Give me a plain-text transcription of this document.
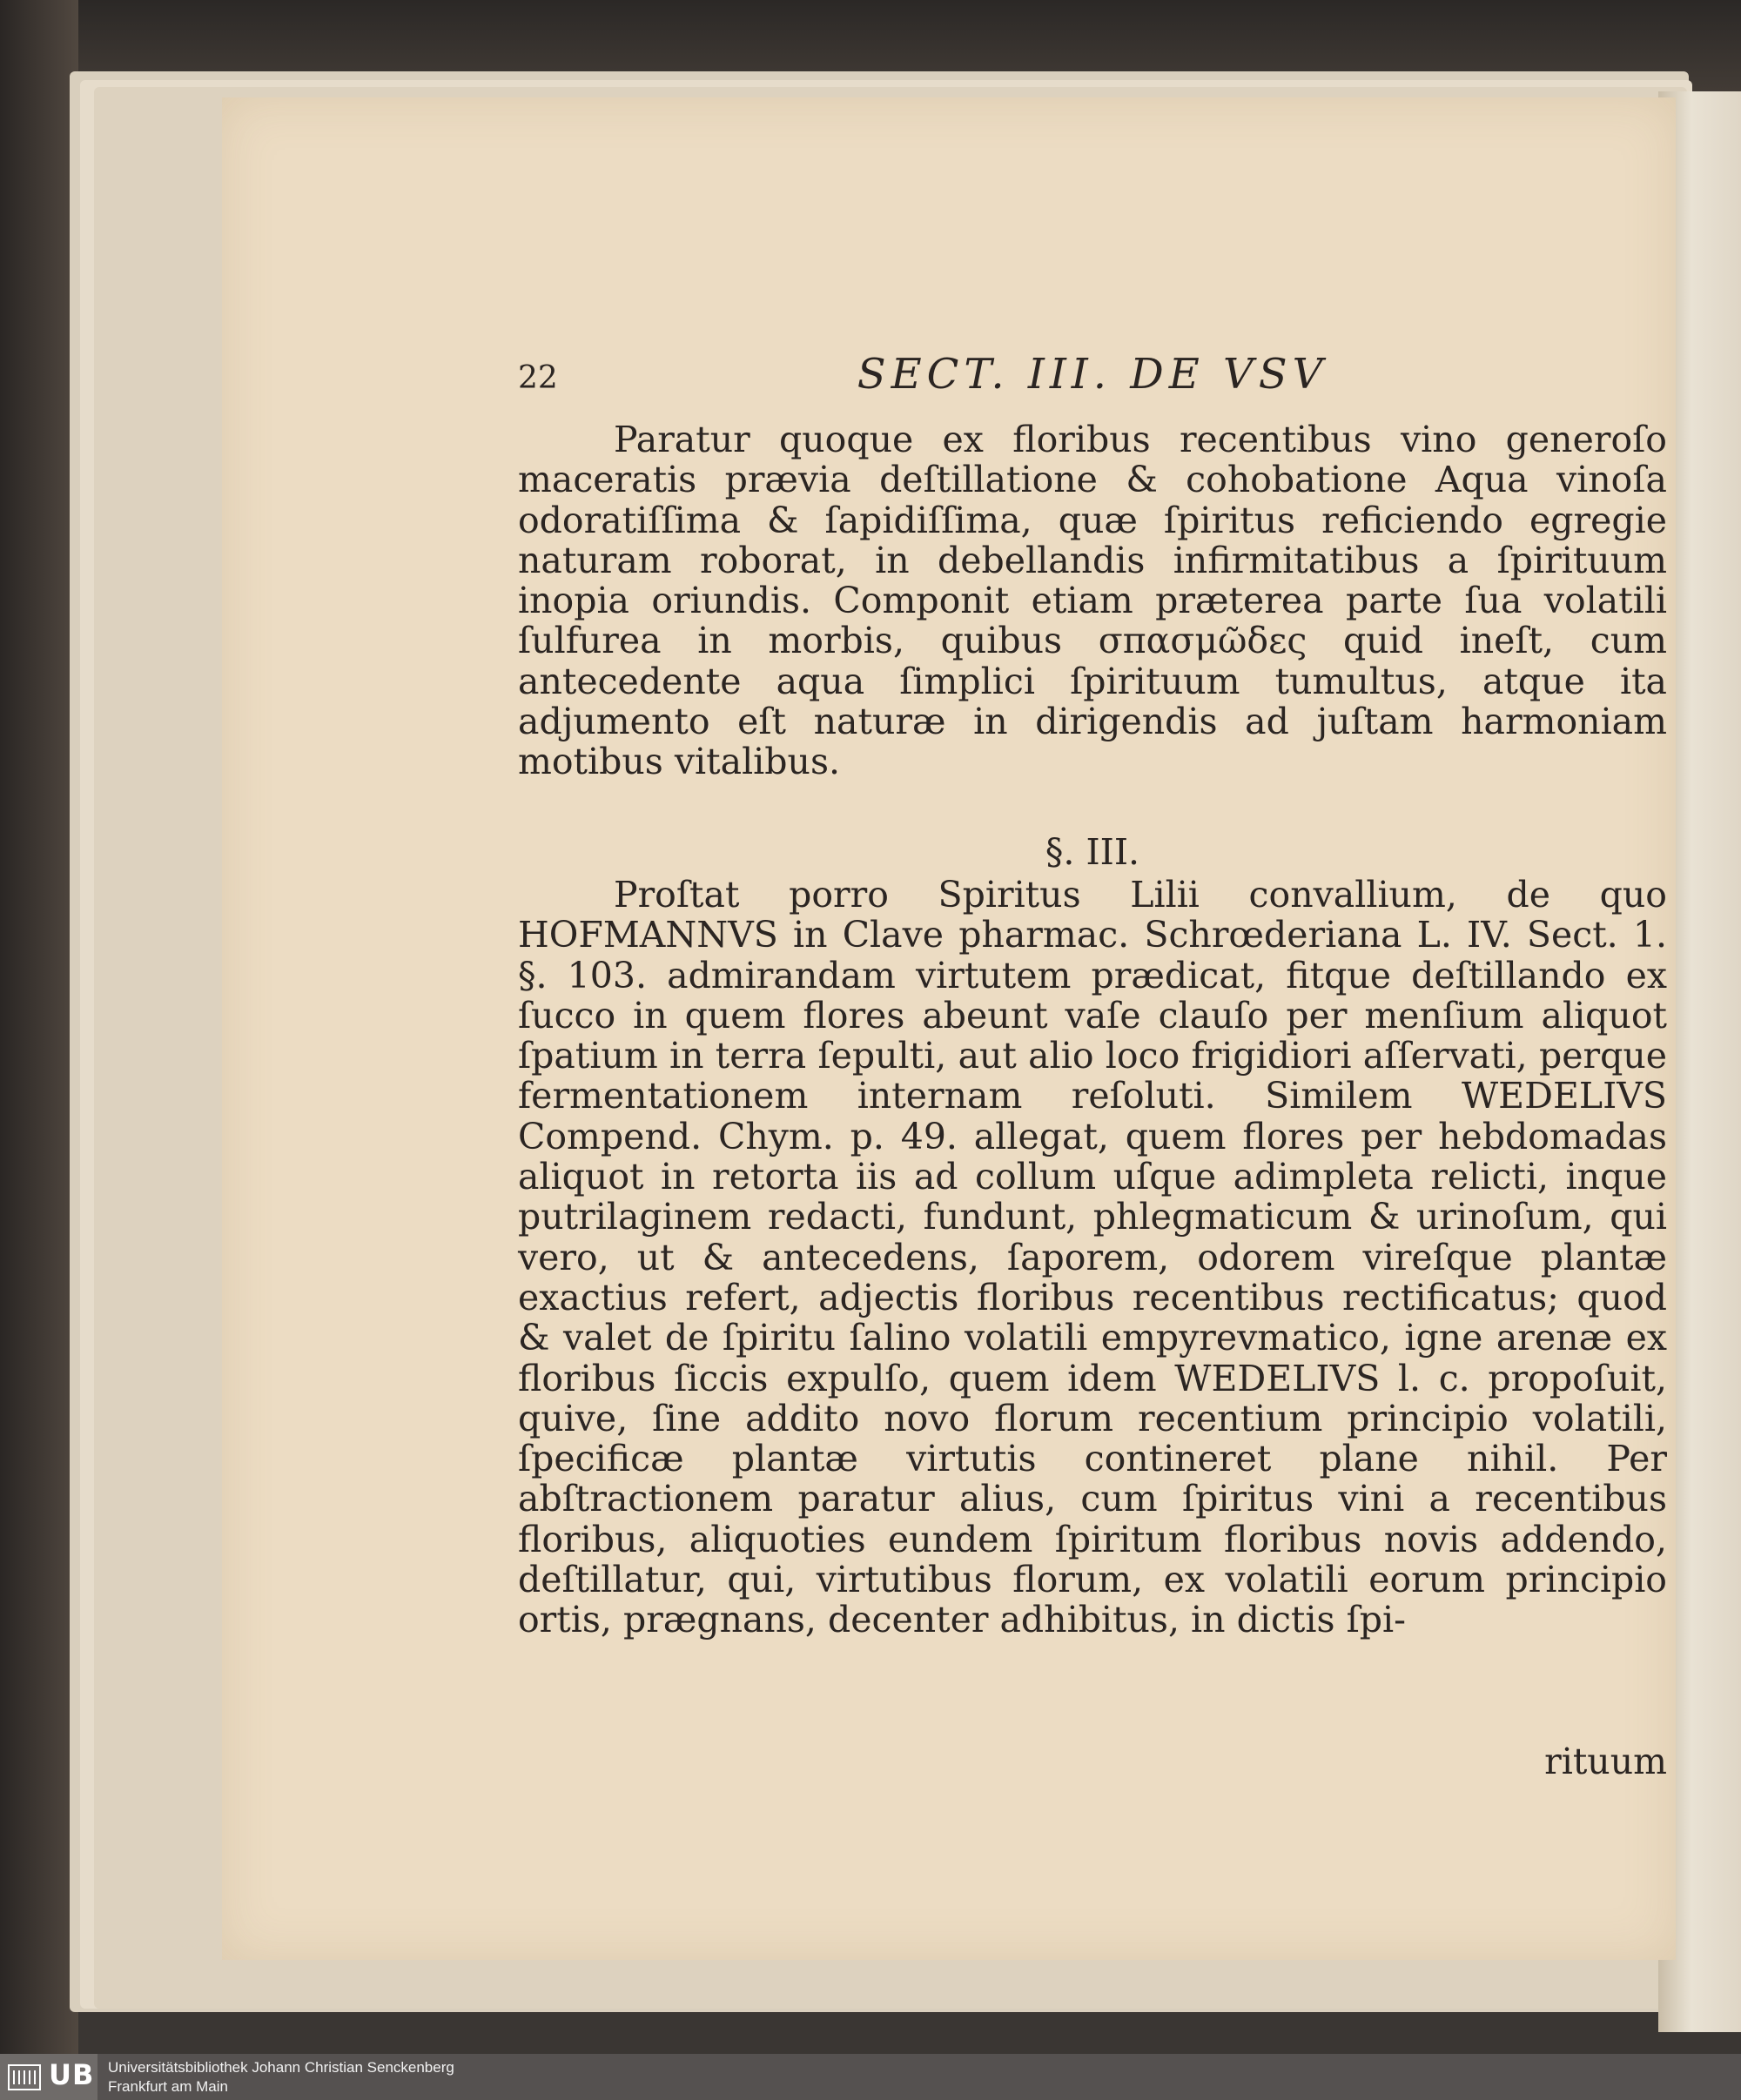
22	SECT. III. DE VSV

Paratur quoque ex floribus recentibus vino generoſo maceratis prævia deſtillatione & cohobatione Aqua vinoſa odoratiſſima & ſapidiſſima, quæ ſpiritus reficiendo egregie naturam roborat, in debellandis infirmitatibus a ſpirituum inopia oriundis. Componit etiam præterea parte ſua volatili ſulfurea in morbis, quibus σπασμῶδες quid ineſt, cum antecedente aqua ſimplici ſpirituum tumultus, atque ita adjumento eſt naturæ in dirigendis ad juſtam harmoniam motibus vitalibus.

§. III.

Proſtat porro Spiritus Lilii convallium, de quo HOFMANNVS in Clave pharmac. Schrœderiana L. IV. Sect. 1. §. 103. admirandam virtutem prædicat, fitque deſtillando ex ſucco in quem flores abeunt vaſe clauſo per menſium aliquot ſpatium in terra ſepulti, aut alio loco frigidiori aſſervati, perque fermentationem internam reſoluti. Similem WEDELIVS Compend. Chym. p. 49. allegat, quem flores per hebdomadas aliquot in retorta iis ad collum uſque adimpleta relicti, inque putrilaginem redacti, fundunt, phlegmaticum & urinoſum, qui vero, ut & antecedens, ſaporem, odorem vireſque plantæ exactius refert, adjectis floribus recentibus rectificatus; quod & valet de ſpiritu ſalino volatili empyrevmatico, igne arenæ ex floribus ſiccis expulſo, quem idem WEDELIVS l. c. propoſuit, quive, ſine addito novo florum recentium principio volatili, ſpecificæ plantæ virtutis contineret plane nihil. Per abſtractionem paratur alius, cum ſpiritus vini a recentibus floribus, aliquoties eundem ſpiritum floribus novis addendo, deſtillatur, qui, virtutibus florum, ex volatili eorum principio ortis, prægnans, decenter adhibitus, in dictis ſpi-

rituum
UB Universitätsbibliothek Johann Christian Senckenberg
Frankfurt am Main
